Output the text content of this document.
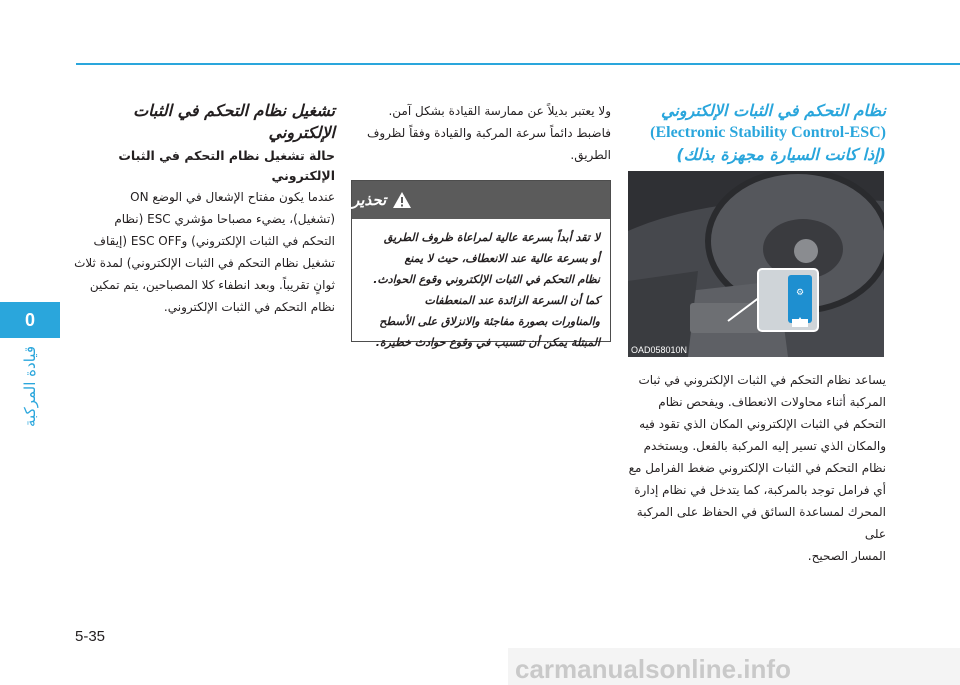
0
قيادة المركبة

نظام التحكم في الثبات الإلكتروني

(Electronic Stability Control-ESC)

(إذا كانت السيارة مجهزة بذلك)

⚙
OAD058010N

يساعد نظام التحكم في الثبات الإلكتروني في ثبات

المركبة أثناء محاولات الانعطاف. ويفحص نظام

التحكم في الثبات الإلكتروني المكان الذي تقود فيه

والمكان الذي تسير إليه المركبة بالفعل. ويستخدم

نظام التحكم في الثبات الإلكتروني ضغط الفرامل مع

أي فرامل توجد بالمركبة، كما يتدخل في نظام إدارة

المحرك لمساعدة السائق في الحفاظ على المركبة على

المسار الصحيح.

ولا يعتبر بديلاً عن ممارسة القيادة بشكل آمن.

فاضبط دائماً سرعة المركبة والقيادة وفقاً لظروف

الطريق.

تحذير
لا تقد أبداً بسرعة عالية لمراعاة ظروف الطريق
أو بسرعة عالية عند الانعطاف، حيث لا يمنع
نظام التحكم في الثبات الإلكتروني وقوع الحوادث.
كما أن السرعة الزائدة عند المنعطفات
والمناورات بصورة مفاجئة والانزلاق على الأسطح
المبتلة يمكن أن تتسبب في وقوع حوادث خطيرة.

تشغيل نظام التحكم في الثبات الإلكتروني

حالة تشغيل نظام التحكم في الثبات الإلكتروني

عندما يكون مفتاح الإشعال في الوضع ON

(تشغيل)، يضيء مصباحا مؤشري ESC (نظام

التحكم في الثبات الإلكتروني) وESC OFF (إيقاف

تشغيل نظام التحكم في الثبات الإلكتروني) لمدة ثلاث

ثوانٍ تقريباً. وبعد انطفاء كلا المصباحين، يتم تمكين

نظام التحكم في الثبات الإلكتروني.

5-35
carmanualsonline.info
